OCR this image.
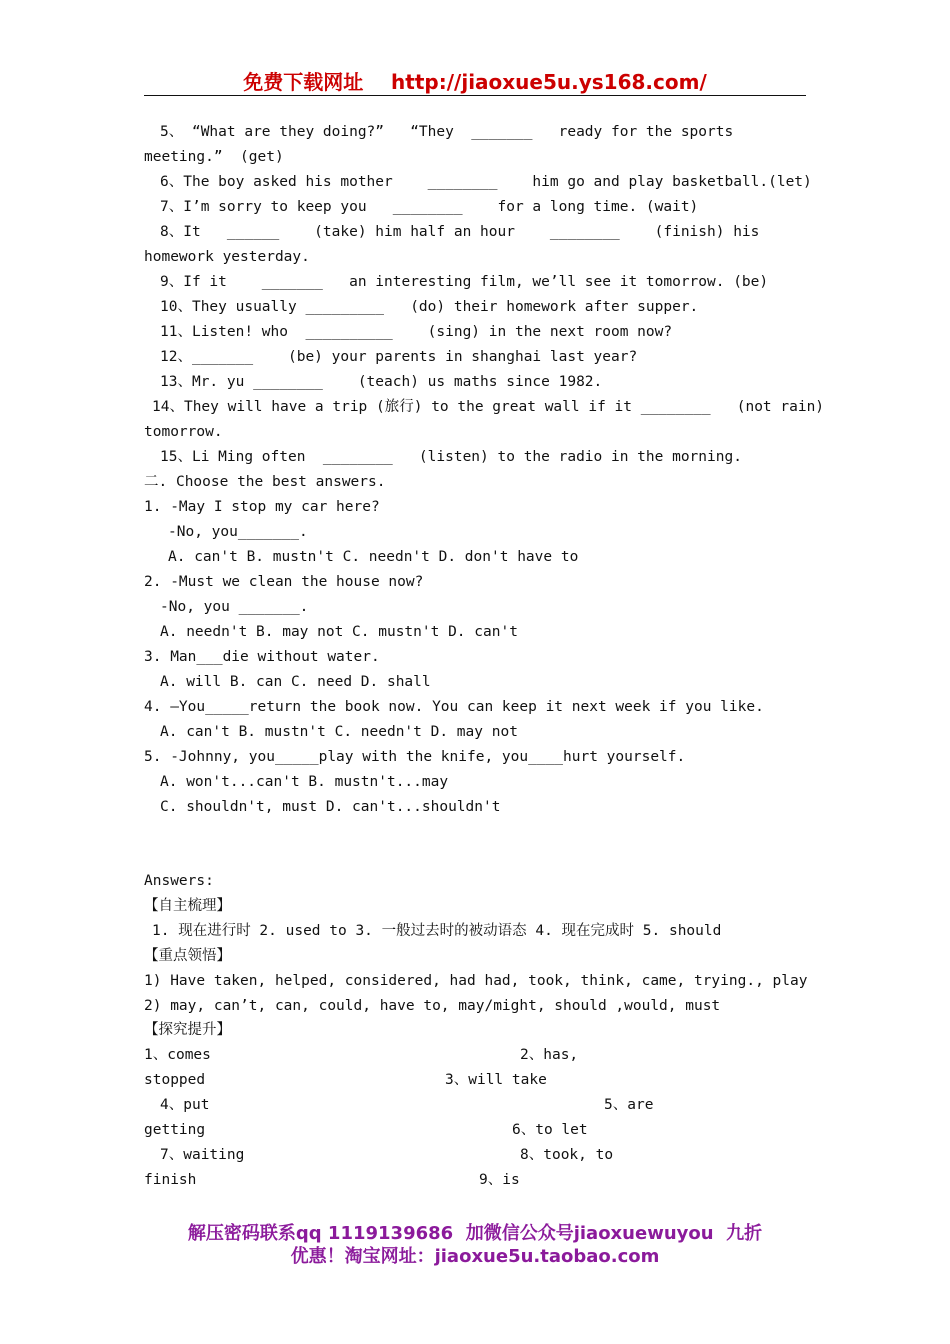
免费下载网址    http://jiaoxue5u.ys168.com/
5、 “What are they doing?”   “They  _______   ready for the sports
meeting.”  (get)
6、The boy asked his mother    ________    him go and play basketball.(let)
7、I’m sorry to keep you   ________    for a long time. (wait)
8、It   ______    (take) him half an hour    ________    (finish) his
homework yesterday.
9、If it    _______   an interesting film, we’ll see it tomorrow. (be)
10、They usually _________   (do) their homework after supper.
11、Listen! who  __________    (sing) in the next room now?
12、_______    (be) your parents in shanghai last year?
13、Mr. yu ________    (teach) us maths since 1982.
14、They will have a trip (旅行) to the great wall if it ________   (not rain)
tomorrow.
15、Li Ming often  ________   (listen) to the radio in the morning.
二. Choose the best answers.
1. -May I stop my car here?
-No, you_______.
A. can't B. mustn't C. needn't D. don't have to
2. -Must we clean the house now?
-No, you _______.
A. needn't B. may not C. mustn't D. can't
3. Man___die without water.
A. will B. can C. need D. shall
4. –You_____return the book now. You can keep it next week if you like.
A. can't B. mustn't C. needn't D. may not
5. -Johnny, you_____play with the knife, you____hurt yourself.
A. won't...can't B. mustn't...may
C. shouldn't, must D. can't...shouldn't
Answers:
【自主梳理】
1. 现在进行时 2. used to 3. 一般过去时的被动语态 4. 现在完成时 5. should
【重点领悟】
1) Have taken, helped, considered, had had, took, think, came, trying., play
2) may, can’t, can, could, have to, may/might, should ,would, must
【探究提升】
1、comes	2、has,
stopped	3、will take
4、put	5、are
getting	6、to let
7、waiting	8、took, to
finish	9、is
解压密码联系qq 1119139686  加微信公众号jiaoxuewuyou  九折
优惠！淘宝网址：jiaoxue5u.taobao.com
